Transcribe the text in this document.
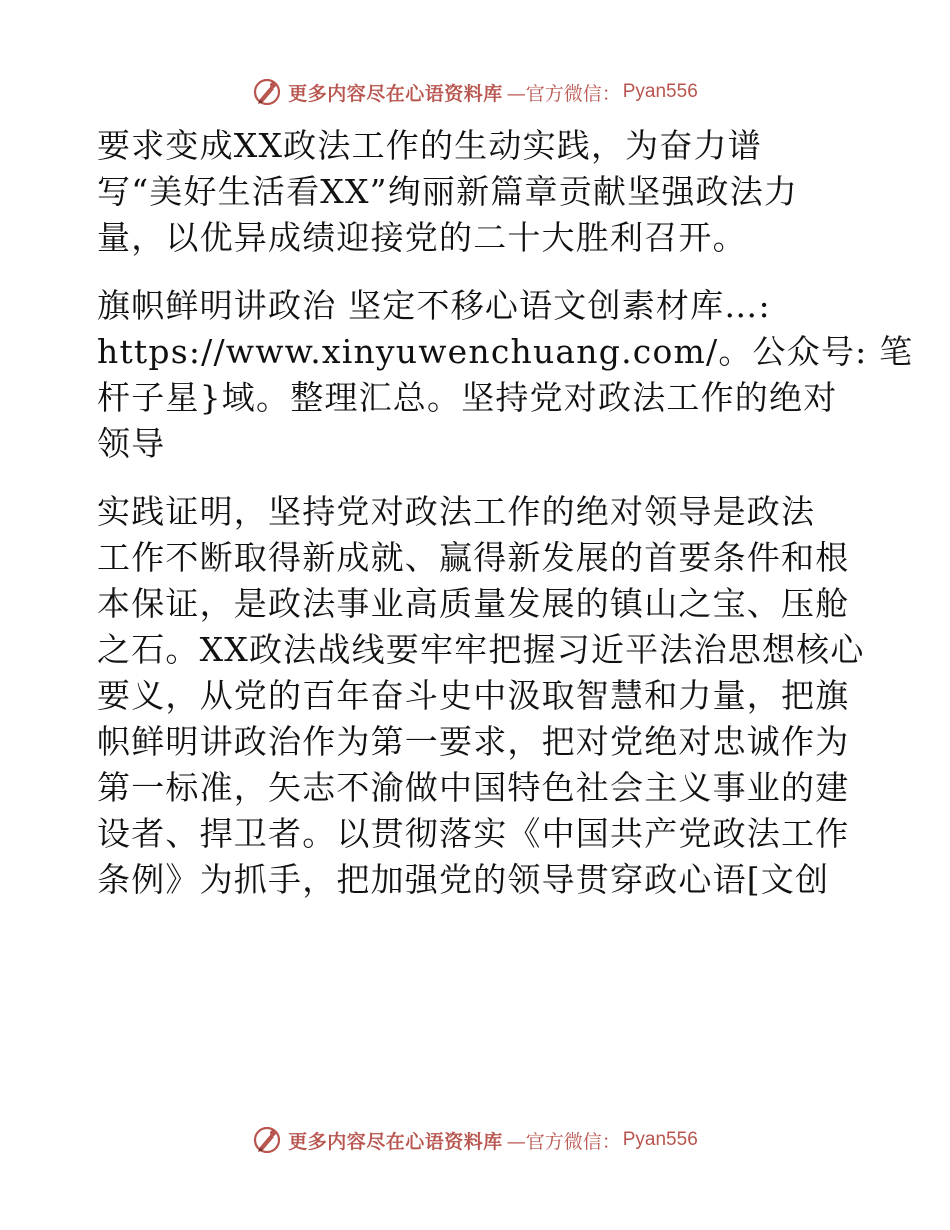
更多内容尽在心语资料库 —官方微信： Pyan556
要求变成XX政法工作的生动实践，为奋力谱
写“美好生活看XX”绚丽新篇章贡献坚强政法力
量，以优异成绩迎接党的二十大胜利召开。
旗帜鲜明讲政治 坚定不移心语文创素材库…:
https://www.xinyuwenchuang.com/。公众号: 笔
杆子星}域。整理汇总。坚持党对政法工作的绝对
领导
实践证明，坚持党对政法工作的绝对领导是政法
工作不断取得新成就、赢得新发展的首要条件和根
本保证，是政法事业高质量发展的镇山之宝、压舱
之石。XX政法战线要牢牢把握习近平法治思想核心
要义，从党的百年奋斗史中汲取智慧和力量，把旗
帜鲜明讲政治作为第一要求，把对党绝对忠诚作为
第一标准，矢志不渝做中国特色社会主义事业的建
设者、捍卫者。以贯彻落实《中国共产党政法工作
条例》为抓手，把加强党的领导贯穿政心语[文创
更多内容尽在心语资料库 —官方微信： Pyan556
